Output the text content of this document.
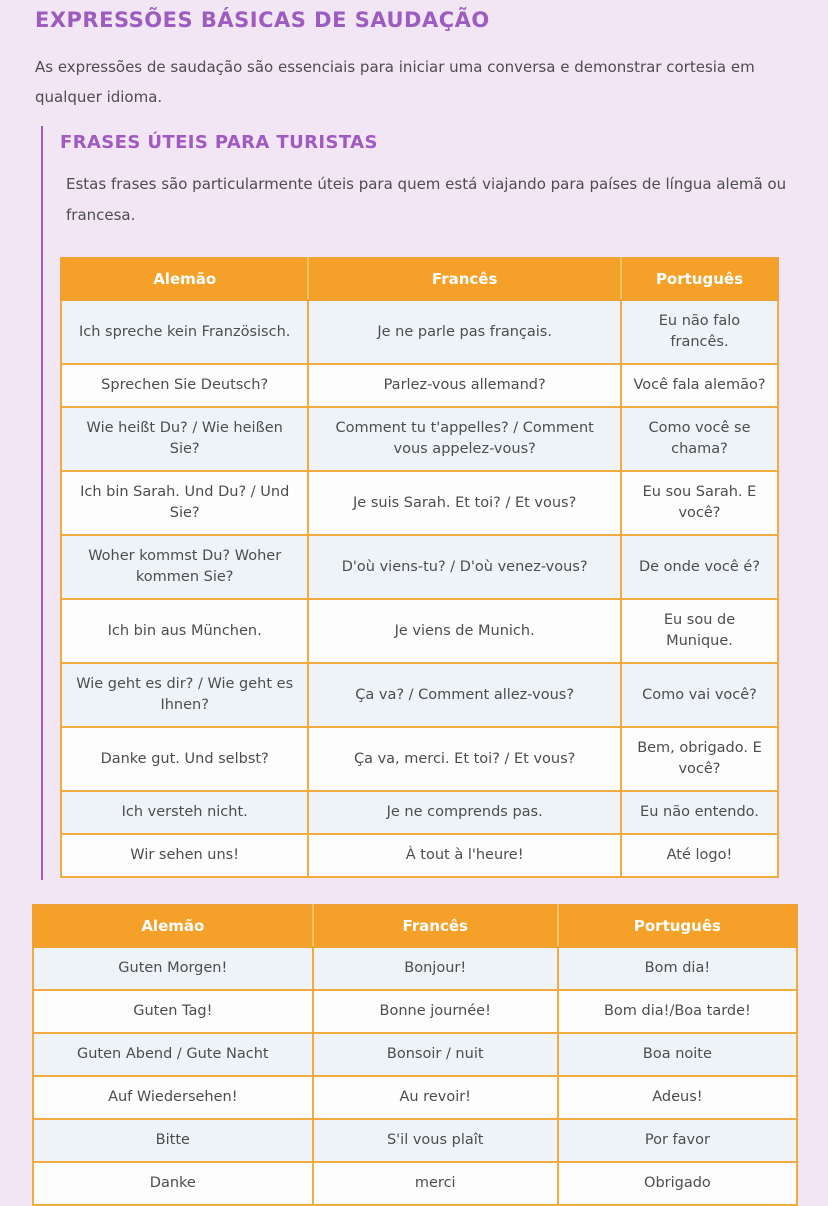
EXPRESSÕES BÁSICAS DE SAUDAÇÃO

As expressões de saudação são essenciais para iniciar uma conversa e demonstrar cortesia em qualquer idioma.

FRASES ÚTEIS PARA TURISTAS

Estas frases são particularmente úteis para quem está viajando para países de língua alemã ou francesa.

Alemão	Francês	Português
Ich spreche kein Französisch.	Je ne parle pas français.	Eu não falo francês.
Sprechen Sie Deutsch?	Parlez-vous allemand?	Você fala alemão?
Wie heißt Du? / Wie heißen Sie?	Comment tu t'appelles? / Comment vous appelez-vous?	Como você se chama?
Ich bin Sarah. Und Du? / Und Sie?	Je suis Sarah. Et toi? / Et vous?	Eu sou Sarah. E você?
Woher kommst Du? Woher kommen Sie?	D'où viens-tu? / D'où venez-vous?	De onde você é?
Ich bin aus München.	Je viens de Munich.	Eu sou de Munique.
Wie geht es dir? / Wie geht es Ihnen?	Ça va? / Comment allez-vous?	Como vai você?
Danke gut. Und selbst?	Ça va, merci. Et toi? / Et vous?	Bem, obrigado. E você?
Ich versteh nicht.	Je ne comprends pas.	Eu não entendo.
Wir sehen uns!	À tout à l'heure!	Até logo!
Alemão	Francês	Português
Guten Morgen!	Bonjour!	Bom dia!
Guten Tag!	Bonne journée!	Bom dia!/Boa tarde!
Guten Abend / Gute Nacht	Bonsoir / nuit	Boa noite
Auf Wiedersehen!	Au revoir!	Adeus!
Bitte	S'il vous plaît	Por favor
Danke	merci	Obrigado
